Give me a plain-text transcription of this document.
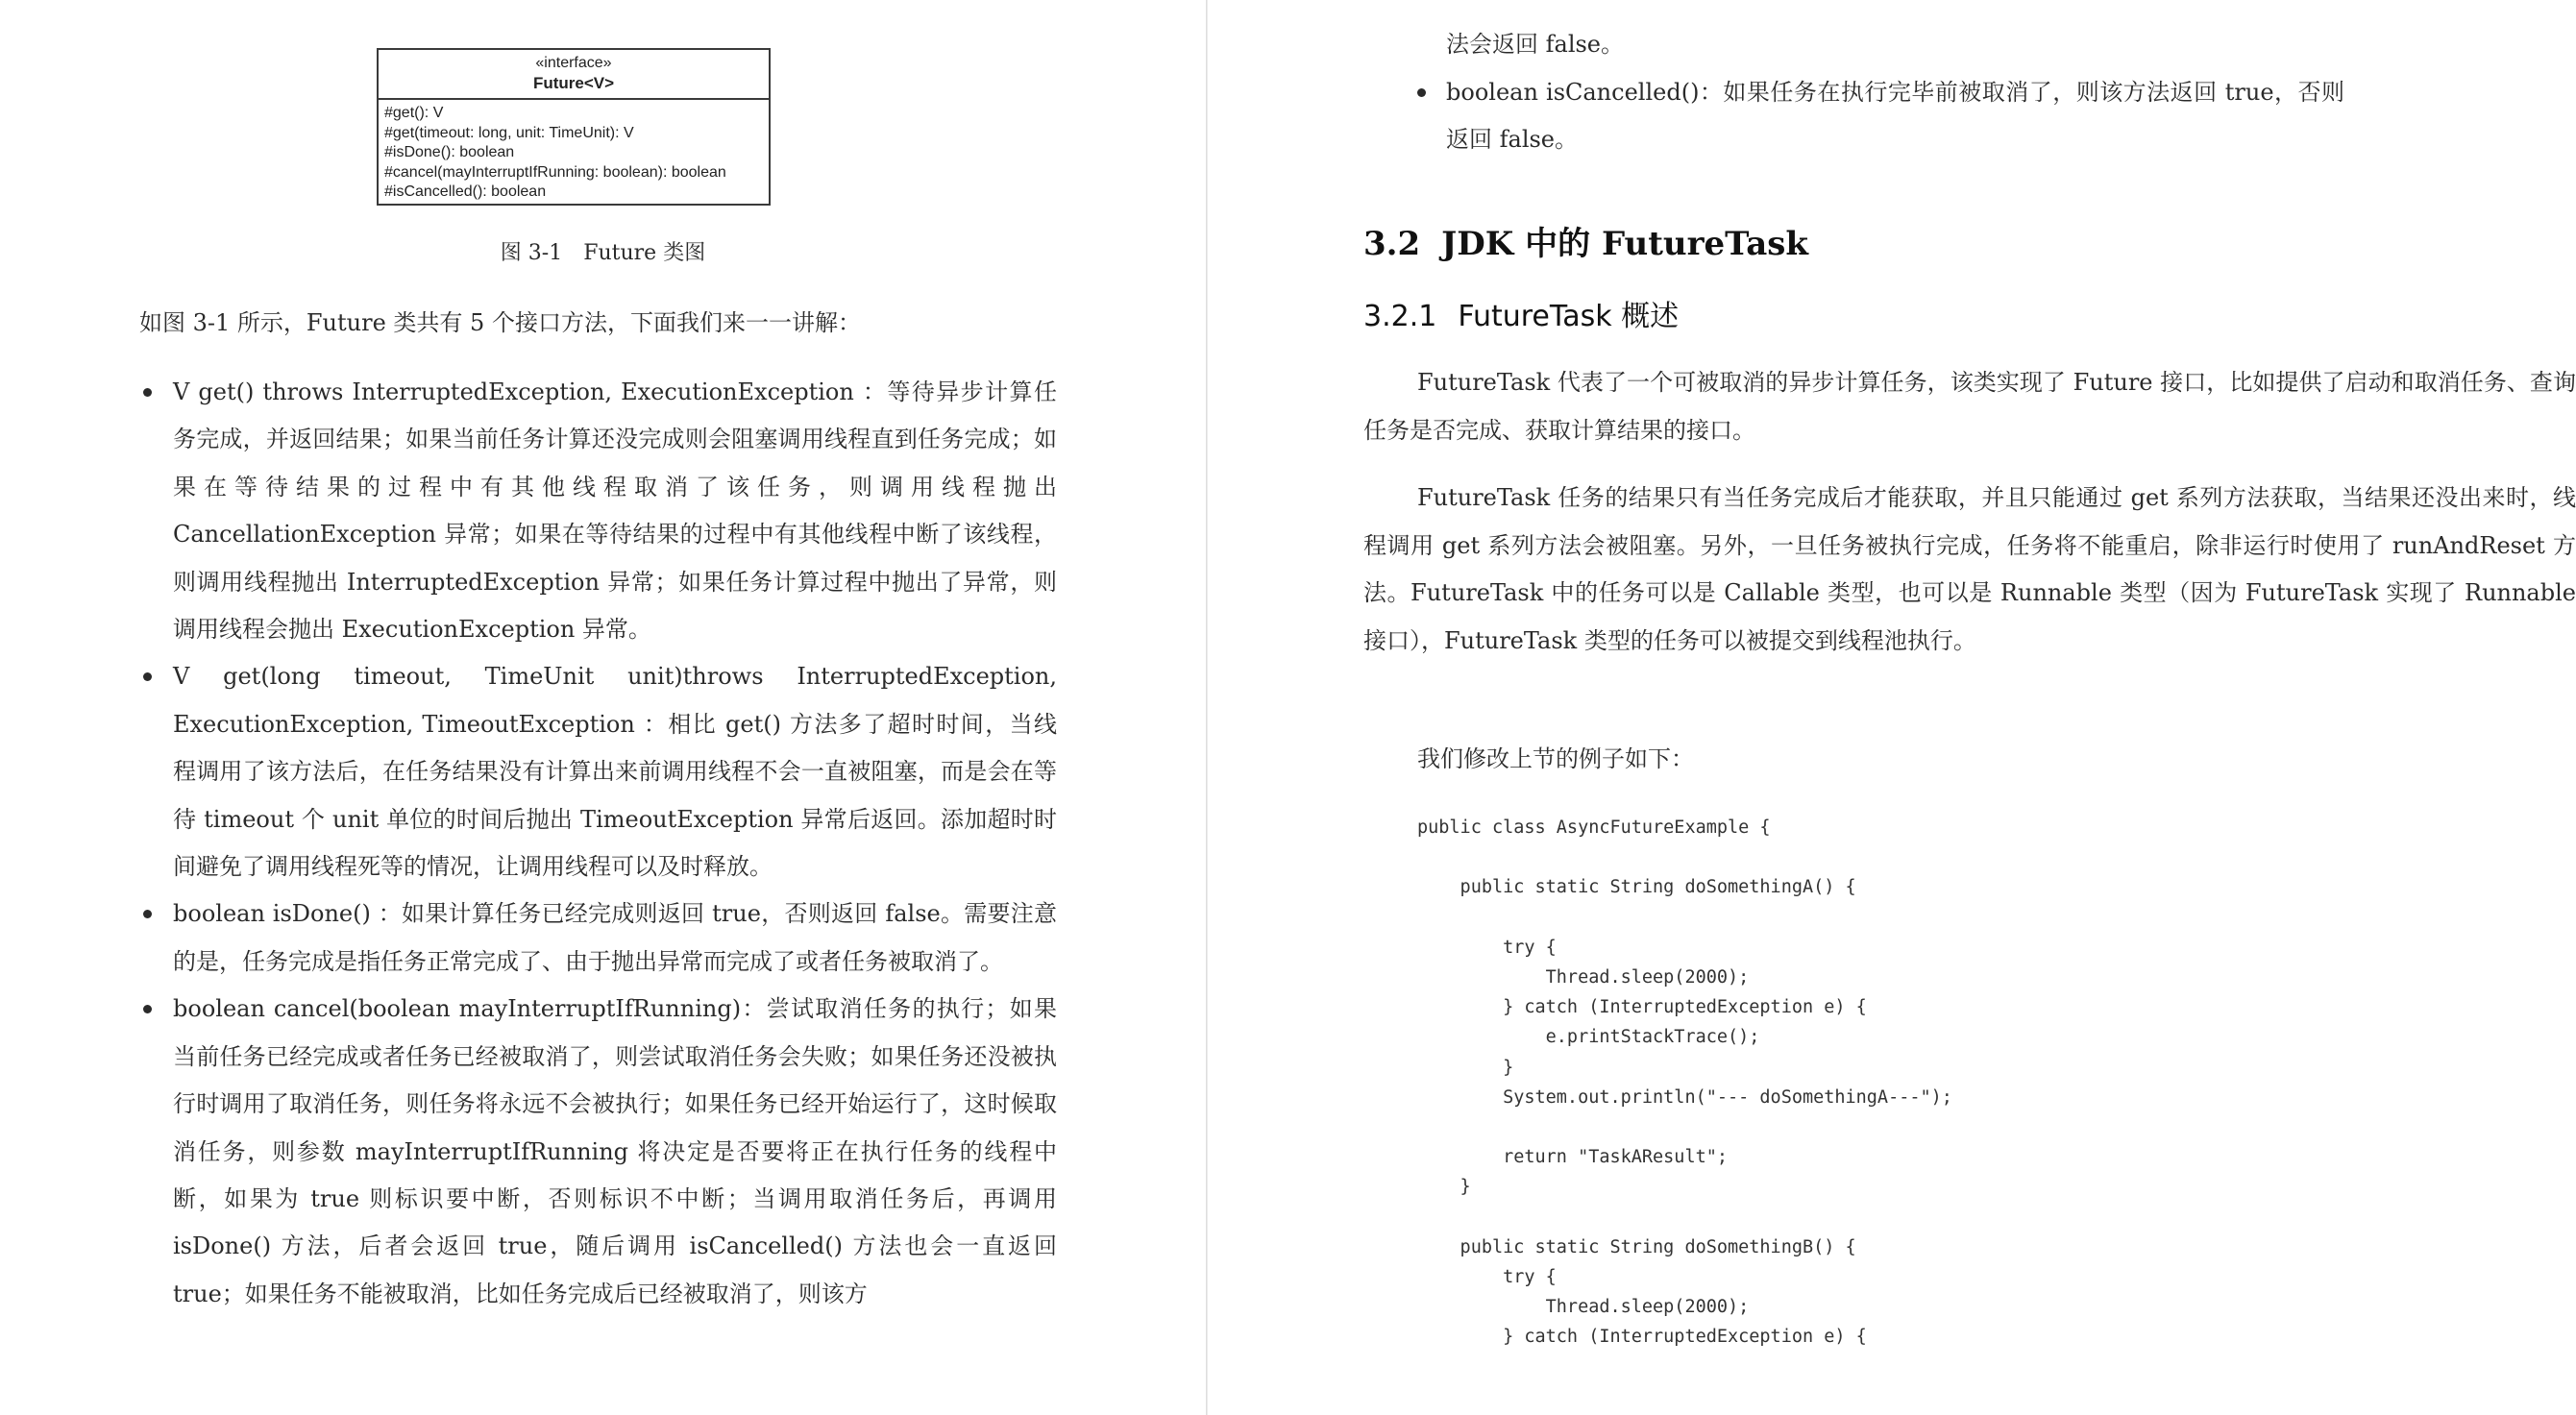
«interface»
Future<V>
#get(): V
#get(timeout: long, unit: TimeUnit): V
#isDone(): boolean
#cancel(mayInterruptIfRunning: boolean): boolean
#isCancelled(): boolean
图 3-1　Future 类图
如图 3-1 所示，Future 类共有 5 个接口方法，下面我们来一一讲解：
V get() throws InterruptedException, ExecutionException ：等待异步计算任务完成，并返回结果；如果当前任务计算还没完成则会阻塞调用线程直到任务完成；如果在等待结果的过程中有其他线程取消了该任务，则调用线程抛出 CancellationException 异常；如果在等待结果的过程中有其他线程中断了该线程，则调用线程抛出 InterruptedException 异常；如果任务计算过程中抛出了异常，则调用线程会抛出 ExecutionException 异常。
V get(long timeout, TimeUnit unit)throws InterruptedException, ExecutionException, TimeoutException ：相比 get() 方法多了超时时间，当线程调用了该方法后，在任务结果没有计算出来前调用线程不会一直被阻塞，而是会在等待 timeout 个 unit 单位的时间后抛出 TimeoutException 异常后返回。添加超时时间避免了调用线程死等的情况，让调用线程可以及时释放。
boolean isDone() ：如果计算任务已经完成则返回 true，否则返回 false。需要注意的是，任务完成是指任务正常完成了、由于抛出异常而完成了或者任务被取消了。
boolean cancel(boolean mayInterruptIfRunning)：尝试取消任务的执行；如果当前任务已经完成或者任务已经被取消了，则尝试取消任务会失败；如果任务还没被执行时调用了取消任务，则任务将永远不会被执行；如果任务已经开始运行了，这时候取消任务，则参数 mayInterruptIfRunning 将决定是否要将正在执行任务的线程中断，如果为 true 则标识要中断，否则标识不中断；当调用取消任务后，再调用 isDone() 方法，后者会返回 true，随后调用 isCancelled() 方法也会一直返回 true；如果任务不能被取消，比如任务完成后已经被取消了，则该方
法会返回 false。
boolean isCancelled()：如果任务在执行完毕前被取消了，则该方法返回 true，否则返回 false。
3.2 JDK 中的 FutureTask
3.2.1 FutureTask 概述

FutureTask 代表了一个可被取消的异步计算任务，该类实现了 Future 接口，比如提供了启动和取消任务、查询任务是否完成、获取计算结果的接口。

FutureTask 任务的结果只有当任务完成后才能获取，并且只能通过 get 系列方法获取，当结果还没出来时，线程调用 get 系列方法会被阻塞。另外，一旦任务被执行完成，任务将不能重启，除非运行时使用了 runAndReset 方法。FutureTask 中的任务可以是 Callable 类型，也可以是 Runnable 类型（因为 FutureTask 实现了 Runnable 接口），FutureTask 类型的任务可以被提交到线程池执行。

我们修改上节的例子如下：
public class AsyncFutureExample {

public static String doSomethingA() {

try {
Thread.sleep(2000);
} catch (InterruptedException e) {
e.printStackTrace();
}
System.out.println("--- doSomethingA---");

return "TaskAResult";
}

public static String doSomethingB() {
try {
Thread.sleep(2000);
} catch (InterruptedException e) {
